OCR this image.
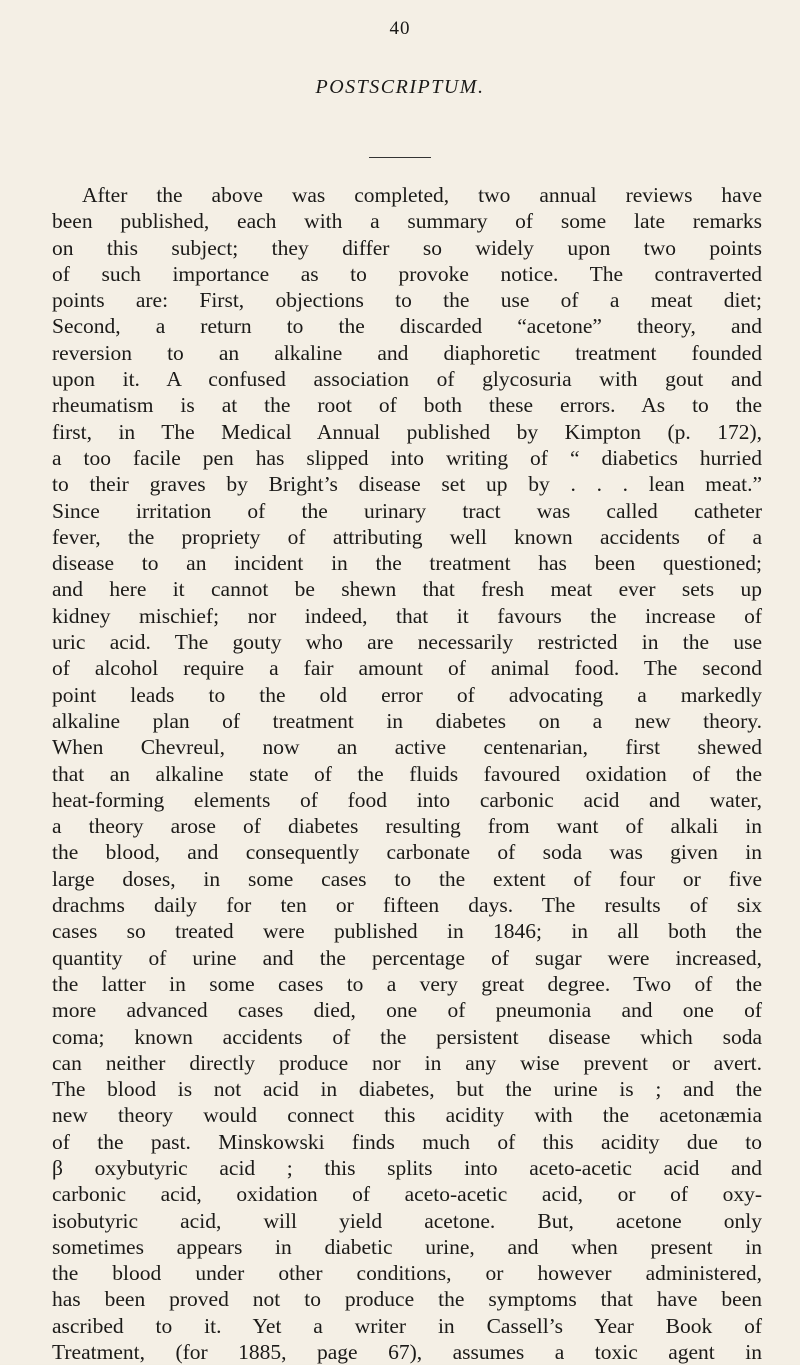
40
POSTSCRIPTUM.
After the above was completed, two annual reviews have
been published, each with a summary of some late remarks
on this subject; they differ so widely upon two points
of such importance as to provoke notice. The contraverted
points are: First, objections to the use of a meat diet;
Second, a return to the discarded “acetone” theory, and
reversion to an alkaline and diaphoretic treatment founded
upon it. A confused association of glycosuria with gout and
rheumatism is at the root of both these errors. As to the
first, in The Medical Annual published by Kimpton (p. 172),
a too facile pen has slipped into writing of “ diabetics hurried
to their graves by Bright’s disease set up by . . . lean meat.”
Since irritation of the urinary tract was called catheter
fever, the propriety of attributing well known accidents of a
disease to an incident in the treatment has been questioned;
and here it cannot be shewn that fresh meat ever sets up
kidney mischief; nor indeed, that it favours the increase of
uric acid. The gouty who are necessarily restricted in the use
of alcohol require a fair amount of animal food. The second
point leads to the old error of advocating a markedly
alkaline plan of treatment in diabetes on a new theory.
When Chevreul, now an active centenarian, first shewed
that an alkaline state of the fluids favoured oxidation of the
heat-forming elements of food into carbonic acid and water,
a theory arose of diabetes resulting from want of alkali in
the blood, and consequently carbonate of soda was given in
large doses, in some cases to the extent of four or five
drachms daily for ten or fifteen days. The results of six
cases so treated were published in 1846; in all both the
quantity of urine and the percentage of sugar were increased,
the latter in some cases to a very great degree. Two of the
more advanced cases died, one of pneumonia and one of
coma; known accidents of the persistent disease which soda
can neither directly produce nor in any wise prevent or avert.
The blood is not acid in diabetes, but the urine is ; and the
new theory would connect this acidity with the acetonæmia
of the past. Minskowski finds much of this acidity due to
β oxybutyric acid ; this splits into aceto-acetic acid and
carbonic acid, oxidation of aceto-acetic acid, or of oxy-
isobutyric acid, will yield acetone. But, acetone only
sometimes appears in diabetic urine, and when present in
the blood under other conditions, or however administered,
has been proved not to produce the symptoms that have been
ascribed to it. Yet a writer in Cassell’s Year Book of
Treatment, (for 1885, page 67), assumes a toxic agent in
